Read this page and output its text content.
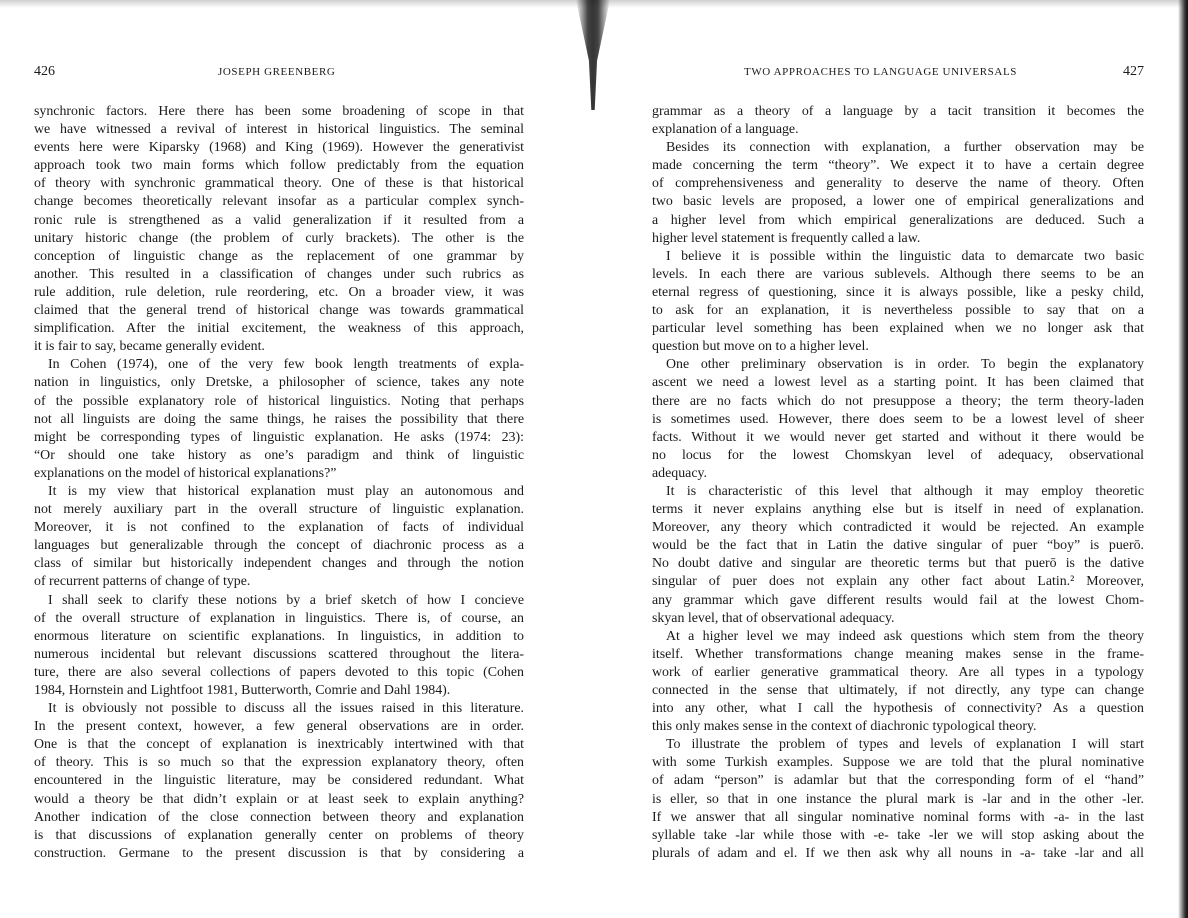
426	JOSEPH GREENBERG
synchronic factors. Here there has been some broadening of scope in that
we have witnessed a revival of interest in historical linguistics. The seminal
events here were Kiparsky (1968) and King (1969). However the generativist
approach took two main forms which follow predictably from the equation
of theory with synchronic grammatical theory. One of these is that historical
change becomes theoretically relevant insofar as a particular complex synch-
ronic rule is strengthened as a valid generalization if it resulted from a
unitary historic change (the problem of curly brackets). The other is the
conception of linguistic change as the replacement of one grammar by
another. This resulted in a classification of changes under such rubrics as
rule addition, rule deletion, rule reordering, etc. On a broader view, it was
claimed that the general trend of historical change was towards grammatical
simplification. After the initial excitement, the weakness of this approach,
it is fair to say, became generally evident.
In Cohen (1974), one of the very few book length treatments of expla-
nation in linguistics, only Dretske, a philosopher of science, takes any note
of the possible explanatory role of historical linguistics. Noting that perhaps
not all linguists are doing the same things, he raises the possibility that there
might be corresponding types of linguistic explanation. He asks (1974: 23):
“Or should one take history as one’s paradigm and think of linguistic
explanations on the model of historical explanations?”
It is my view that historical explanation must play an autonomous and
not merely auxiliary part in the overall structure of linguistic explanation.
Moreover, it is not confined to the explanation of facts of individual
languages but generalizable through the concept of diachronic process as a
class of similar but historically independent changes and through the notion
of recurrent patterns of change of type.
I shall seek to clarify these notions by a brief sketch of how I concieve
of the overall structure of explanation in linguistics. There is, of course, an
enormous literature on scientific explanations. In linguistics, in addition to
numerous incidental but relevant discussions scattered throughout the litera-
ture, there are also several collections of papers devoted to this topic (Cohen
1984, Hornstein and Lightfoot 1981, Butterworth, Comrie and Dahl 1984).
It is obviously not possible to discuss all the issues raised in this literature.
In the present context, however, a few general observations are in order.
One is that the concept of explanation is inextricably intertwined with that
of theory. This is so much so that the expression explanatory theory, often
encountered in the linguistic literature, may be considered redundant. What
would a theory be that didn’t explain or at least seek to explain anything?
Another indication of the close connection between theory and explanation
is that discussions of explanation generally center on problems of theory
construction. Germane to the present discussion is that by considering a
TWO APPROACHES TO LANGUAGE UNIVERSALS	427
grammar as a theory of a language by a tacit transition it becomes the
explanation of a language.
Besides its connection with explanation, a further observation may be
made concerning the term “theory”. We expect it to have a certain degree
of comprehensiveness and generality to deserve the name of theory. Often
two basic levels are proposed, a lower one of empirical generalizations and
a higher level from which empirical generalizations are deduced. Such a
higher level statement is frequently called a law.
I believe it is possible within the linguistic data to demarcate two basic
levels. In each there are various sublevels. Although there seems to be an
eternal regress of questioning, since it is always possible, like a pesky child,
to ask for an explanation, it is nevertheless possible to say that on a
particular level something has been explained when we no longer ask that
question but move on to a higher level.
One other preliminary observation is in order. To begin the explanatory
ascent we need a lowest level as a starting point. It has been claimed that
there are no facts which do not presuppose a theory; the term theory-laden
is sometimes used. However, there does seem to be a lowest level of sheer
facts. Without it we would never get started and without it there would be
no locus for the lowest Chomskyan level of adequacy, observational
adequacy.
It is characteristic of this level that although it may employ theoretic
terms it never explains anything else but is itself in need of explanation.
Moreover, any theory which contradicted it would be rejected. An example
would be the fact that in Latin the dative singular of puer “boy” is puerō.
No doubt dative and singular are theoretic terms but that puerō is the dative
singular of puer does not explain any other fact about Latin.² Moreover,
any grammar which gave different results would fail at the lowest Chom-
skyan level, that of observational adequacy.
At a higher level we may indeed ask questions which stem from the theory
itself. Whether transformations change meaning makes sense in the frame-
work of earlier generative grammatical theory. Are all types in a typology
connected in the sense that ultimately, if not directly, any type can change
into any other, what I call the hypothesis of connectivity? As a question
this only makes sense in the context of diachronic typological theory.
To illustrate the problem of types and levels of explanation I will start
with some Turkish examples. Suppose we are told that the plural nominative
of adam “person” is adamlar but that the corresponding form of el “hand”
is eller, so that in one instance the plural mark is -lar and in the other -ler.
If we answer that all singular nominative nominal forms with -a- in the last
syllable take -lar while those with -e- take -ler we will stop asking about the
plurals of adam and el. If we then ask why all nouns in -a- take -lar and all
